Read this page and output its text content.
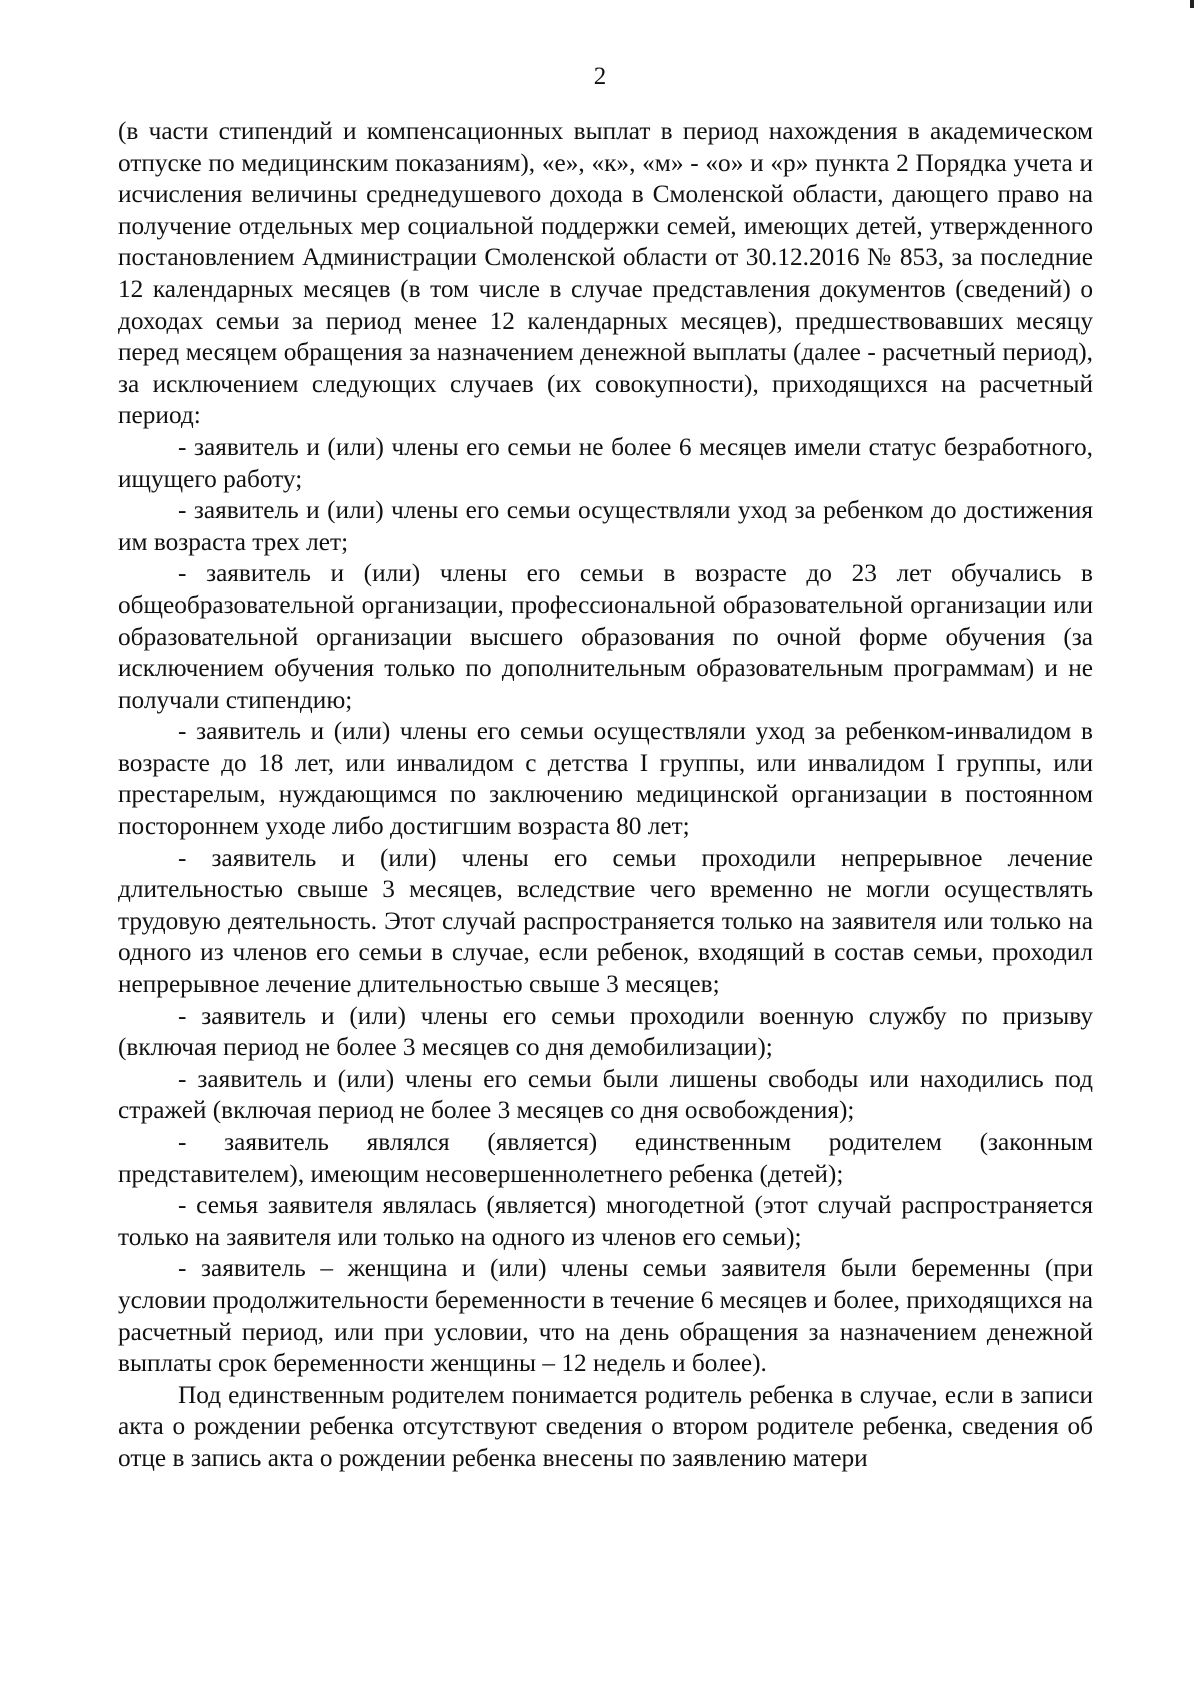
2

(в части стипендий и компенсационных выплат в период нахождения в академическом отпуске по медицинским показаниям), «е», «к», «м» - «о» и «р» пункта 2 Порядка учета и исчисления величины среднедушевого дохода в Смоленской области, дающего право на получение отдельных мер социальной поддержки семей, имеющих детей, утвержденного постановлением Администрации Смоленской области от 30.12.2016 № 853, за последние 12 календарных месяцев (в том числе в случае представления документов (сведений) о доходах семьи за период менее 12 календарных месяцев), предшествовавших месяцу перед месяцем обращения за назначением денежной выплаты (далее - расчетный период), за исключением следующих случаев (их совокупности), приходящихся на расчетный период:

- заявитель и (или) члены его семьи не более 6 месяцев имели статус безработного, ищущего работу;

- заявитель и (или) члены его семьи осуществляли уход за ребенком до достижения им возраста трех лет;

- заявитель и (или) члены его семьи в возрасте до 23 лет обучались в общеобразовательной организации, профессиональной образовательной организации или образовательной организации высшего образования по очной форме обучения (за исключением обучения только по дополнительным образовательным программам) и не получали стипендию;

- заявитель и (или) члены его семьи осуществляли уход за ребенком-инвалидом в возрасте до 18 лет, или инвалидом с детства I группы, или инвалидом I группы, или престарелым, нуждающимся по заключению медицинской организации в постоянном постороннем уходе либо достигшим возраста 80 лет;

- заявитель и (или) члены его семьи проходили непрерывное лечение длительностью свыше 3 месяцев, вследствие чего временно не могли осуществлять трудовую деятельность. Этот случай распространяется только на заявителя или только на одного из членов его семьи в случае, если ребенок, входящий в состав семьи, проходил непрерывное лечение длительностью свыше 3 месяцев;

- заявитель и (или) члены его семьи проходили военную службу по призыву (включая период не более 3 месяцев со дня демобилизации);

- заявитель и (или) члены его семьи были лишены свободы или находились под стражей (включая период не более 3 месяцев со дня освобождения);

- заявитель являлся (является) единственным родителем (законным представителем), имеющим несовершеннолетнего ребенка (детей);

- семья заявителя являлась (является) многодетной (этот случай распространяется только на заявителя или только на одного из членов его семьи);

- заявитель – женщина и (или) члены семьи заявителя были беременны (при условии продолжительности беременности в течение 6 месяцев и более, приходящихся на расчетный период, или при условии, что на день обращения за назначением денежной выплаты срок беременности женщины – 12 недель и более).

Под единственным родителем понимается родитель ребенка в случае, если в записи акта о рождении ребенка отсутствуют сведения о втором родителе ребенка, сведения об отце в запись акта о рождении ребенка внесены по заявлению матери
